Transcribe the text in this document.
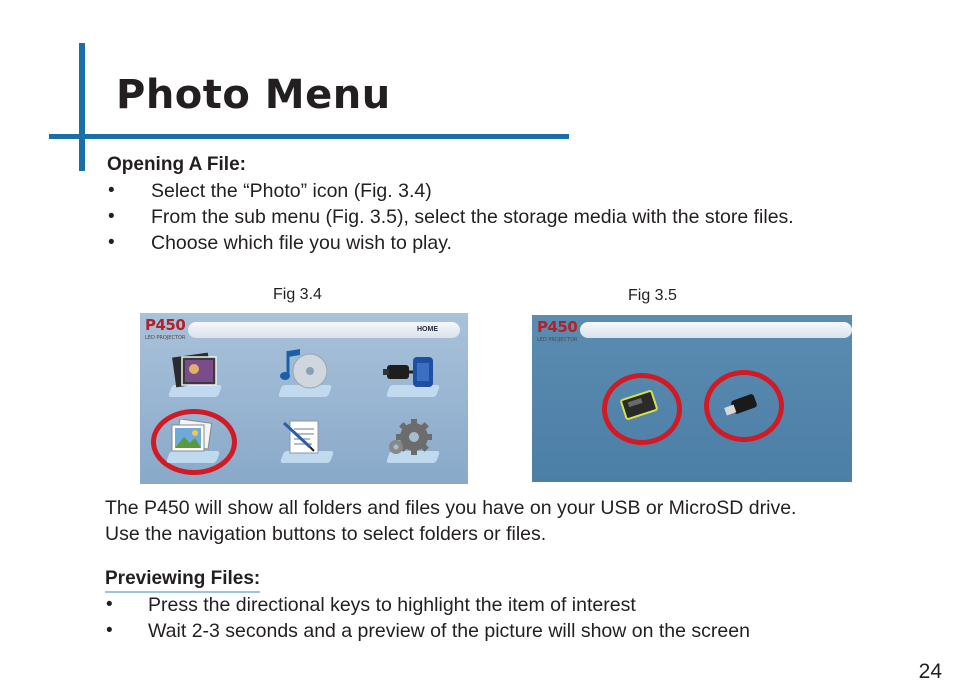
Photo Menu
Opening A File:
• Select the “Photo” icon (Fig. 3.4)
• From the sub menu (Fig. 3.5), select the storage media with the store files.
• Choose which file you wish to play.
Fig 3.4	Fig 3.5
P450
LED PROJECTOR
HOME	P450
LED PROJECTOR
The P450 will show all folders and files you have on your USB or MicroSD drive.
Use the navigation buttons to select folders or files.
Previewing Files:
• Press the directional keys to highlight the item of interest
• Wait 2-3 seconds and a preview of the picture will show on the screen
24
